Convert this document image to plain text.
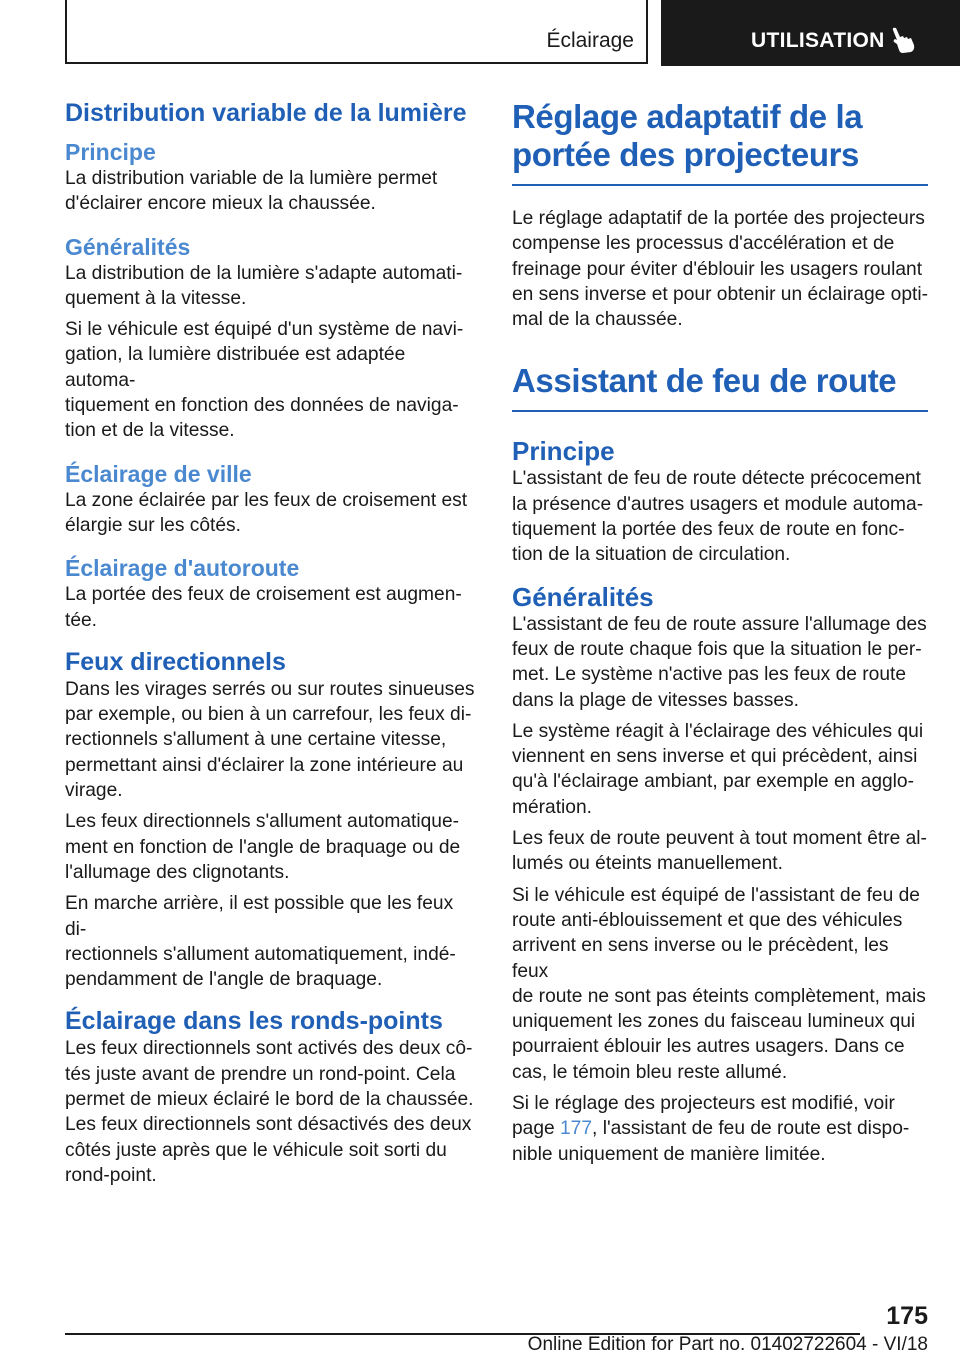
Éclairage	UTILISATION
Distribution variable de la lumière
Principe
La distribution variable de la lumière permet
d'éclairer encore mieux la chaussée.
Généralités
La distribution de la lumière s'adapte automati‐
quement à la vitesse.
Si le véhicule est équipé d'un système de navi‐
gation, la lumière distribuée est adaptée automa‐
tiquement en fonction des données de naviga‐
tion et de la vitesse.
Éclairage de ville
La zone éclairée par les feux de croisement est
élargie sur les côtés.
Éclairage d'autoroute
La portée des feux de croisement est augmen‐
tée.
Feux directionnels
Dans les virages serrés ou sur routes sinueuses
par exemple, ou bien à un carrefour, les feux di‐
rectionnels s'allument à une certaine vitesse,
permettant ainsi d'éclairer la zone intérieure au
virage.
Les feux directionnels s'allument automatique‐
ment en fonction de l'angle de braquage ou de
l'allumage des clignotants.
En marche arrière, il est possible que les feux di‐
rectionnels s'allument automatiquement, indé‐
pendamment de l'angle de braquage.
Éclairage dans les ronds-points
Les feux directionnels sont activés des deux cô‐
tés juste avant de prendre un rond-point. Cela
permet de mieux éclairé le bord de la chaussée.
Les feux directionnels sont désactivés des deux
côtés juste après que le véhicule soit sorti du
rond-point.
Réglage adaptatif de la
portée des projecteurs
Le réglage adaptatif de la portée des projecteurs
compense les processus d'accélération et de
freinage pour éviter d'éblouir les usagers roulant
en sens inverse et pour obtenir un éclairage opti‐
mal de la chaussée.
Assistant de feu de route
Principe
L'assistant de feu de route détecte précocement
la présence d'autres usagers et module automa‐
tiquement la portée des feux de route en fonc‐
tion de la situation de circulation.
Généralités
L'assistant de feu de route assure l'allumage des
feux de route chaque fois que la situation le per‐
met. Le système n'active pas les feux de route
dans la plage de vitesses basses.
Le système réagit à l'éclairage des véhicules qui
viennent en sens inverse et qui précèdent, ainsi
qu'à l'éclairage ambiant, par exemple en agglo‐
mération.
Les feux de route peuvent à tout moment être al‐
lumés ou éteints manuellement.
Si le véhicule est équipé de l'assistant de feu de
route anti-éblouissement et que des véhicules
arrivent en sens inverse ou le précèdent, les feux
de route ne sont pas éteints complètement, mais
uniquement les zones du faisceau lumineux qui
pourraient éblouir les autres usagers. Dans ce
cas, le témoin bleu reste allumé.
Si le réglage des projecteurs est modifié, voir
page 177, l'assistant de feu de route est dispo‐
nible uniquement de manière limitée.
175
Online Edition for Part no. 01402722604 - VI/18
